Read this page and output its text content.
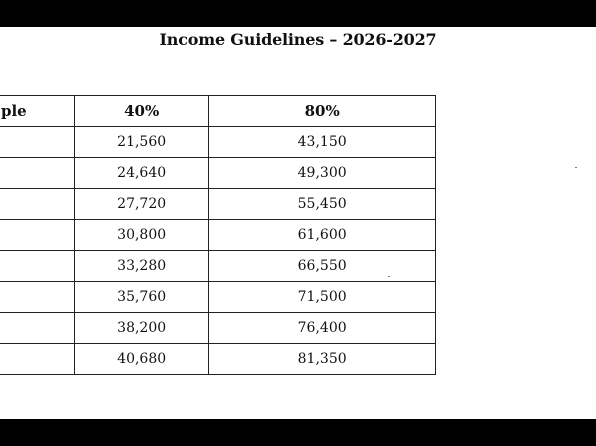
Income Guidelines – 2026-2027
ple	40%	80%
	21,560	43,150
	24,640	49,300
	27,720	55,450
	30,800	61,600
	33,280	66,550
	35,760	71,500
	38,200	76,400
	40,680	81,350
